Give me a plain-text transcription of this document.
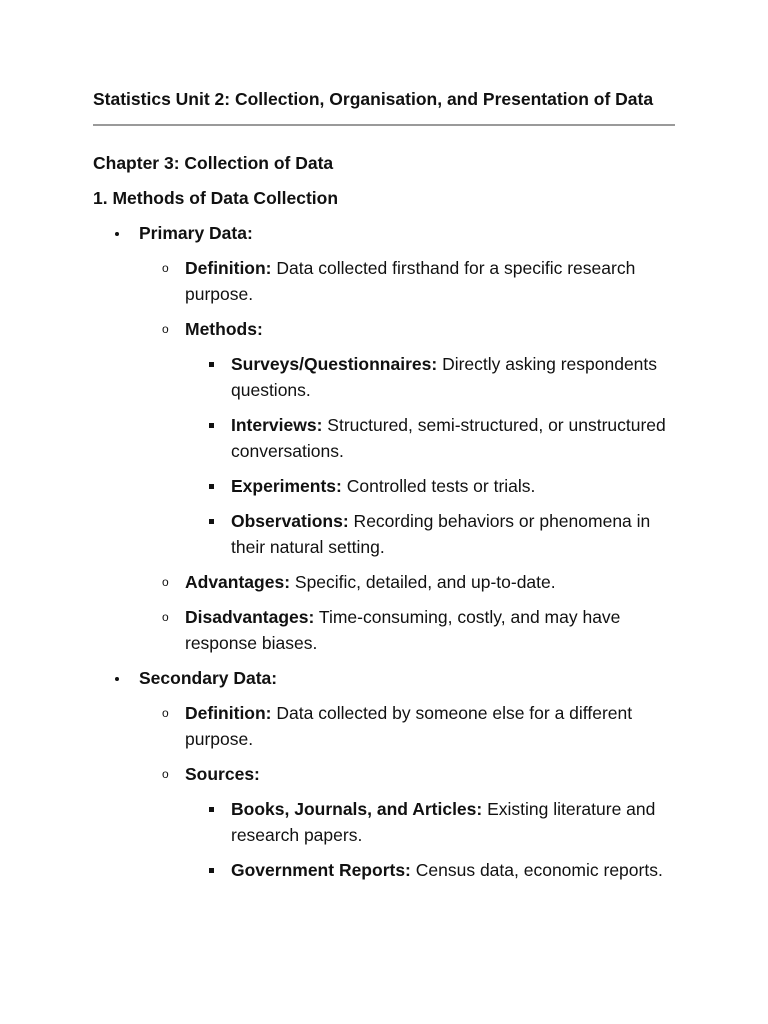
Statistics Unit 2: Collection, Organisation, and Presentation of Data
Chapter 3: Collection of Data
1. Methods of Data Collection
Primary Data:
o Definition: Data collected firsthand for a specific research purpose.
o Methods:
Surveys/Questionnaires: Directly asking respondents questions.
Interviews: Structured, semi-structured, or unstructured conversations.
Experiments: Controlled tests or trials.
Observations: Recording behaviors or phenomena in their natural setting.
o Advantages: Specific, detailed, and up-to-date.
o Disadvantages: Time-consuming, costly, and may have response biases.
Secondary Data:
o Definition: Data collected by someone else for a different purpose.
o Sources:
Books, Journals, and Articles: Existing literature and research papers.
Government Reports: Census data, economic reports.
